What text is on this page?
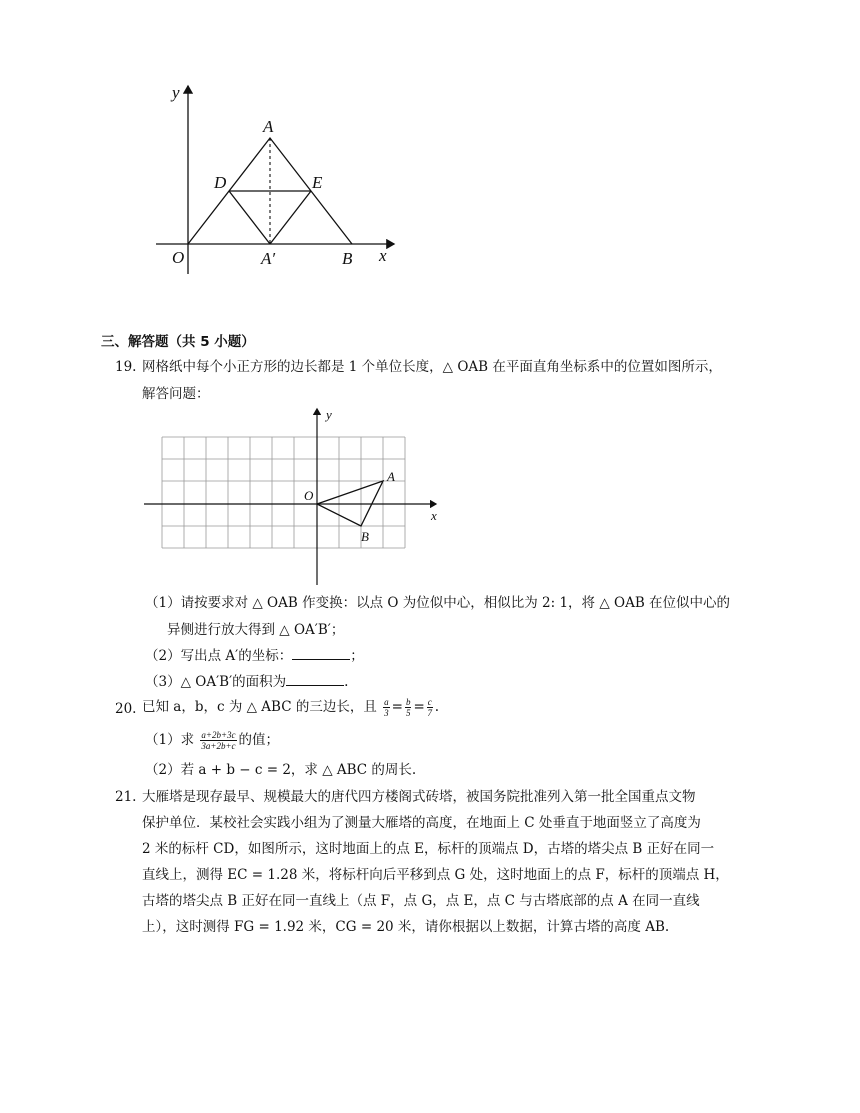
y
x
O
A
D	E
A′	B
三、解答题（共 5 小题）
19. 网格纸中每个小正方形的边长都是 1 个单位长度，△ OAB 在平面直角坐标系中的位置如图所示，
解答问题：
y
x
O
A
B
（1）请按要求对 △ OAB 作变换：以点 O 为位似中心，相似比为 2: 1，将 △ OAB 在位似中心的
异侧进行放大得到 △ OA′B′；
（2）写出点 A′的坐标：	；
（3）△ OA′B′的面积为	.
20. 已知 a，b，c 为 △ ABC 的三边长，且 $\frac{a}{3} = \frac{b}{5} = \frac{c}{7}$ .
（1）求 $\frac{a+2b+3c}{3a+2b+c}$ 的值；
（2）若 a + b − c = 2，求 △ ABC 的周长.
21. 大雁塔是现存最早、规模最大的唐代四方楼阁式砖塔，被国务院批准列入第一批全国重点文物
保护单位．某校社会实践小组为了测量大雁塔的高度，在地面上 C 处垂直于地面竖立了高度为
2 米的标杆 CD，如图所示，这时地面上的点 E，标杆的顶端点 D，古塔的塔尖点 B 正好在同一
直线上，测得 EC = 1.28 米，将标杆向后平移到点 G 处，这时地面上的点 F，标杆的顶端点 H，
古塔的塔尖点 B 正好在同一直线上（点 F，点 G，点 E，点 C 与古塔底部的点 A 在同一直线
上），这时测得 FG = 1.92 米，CG = 20 米，请你根据以上数据，计算古塔的高度 AB.
